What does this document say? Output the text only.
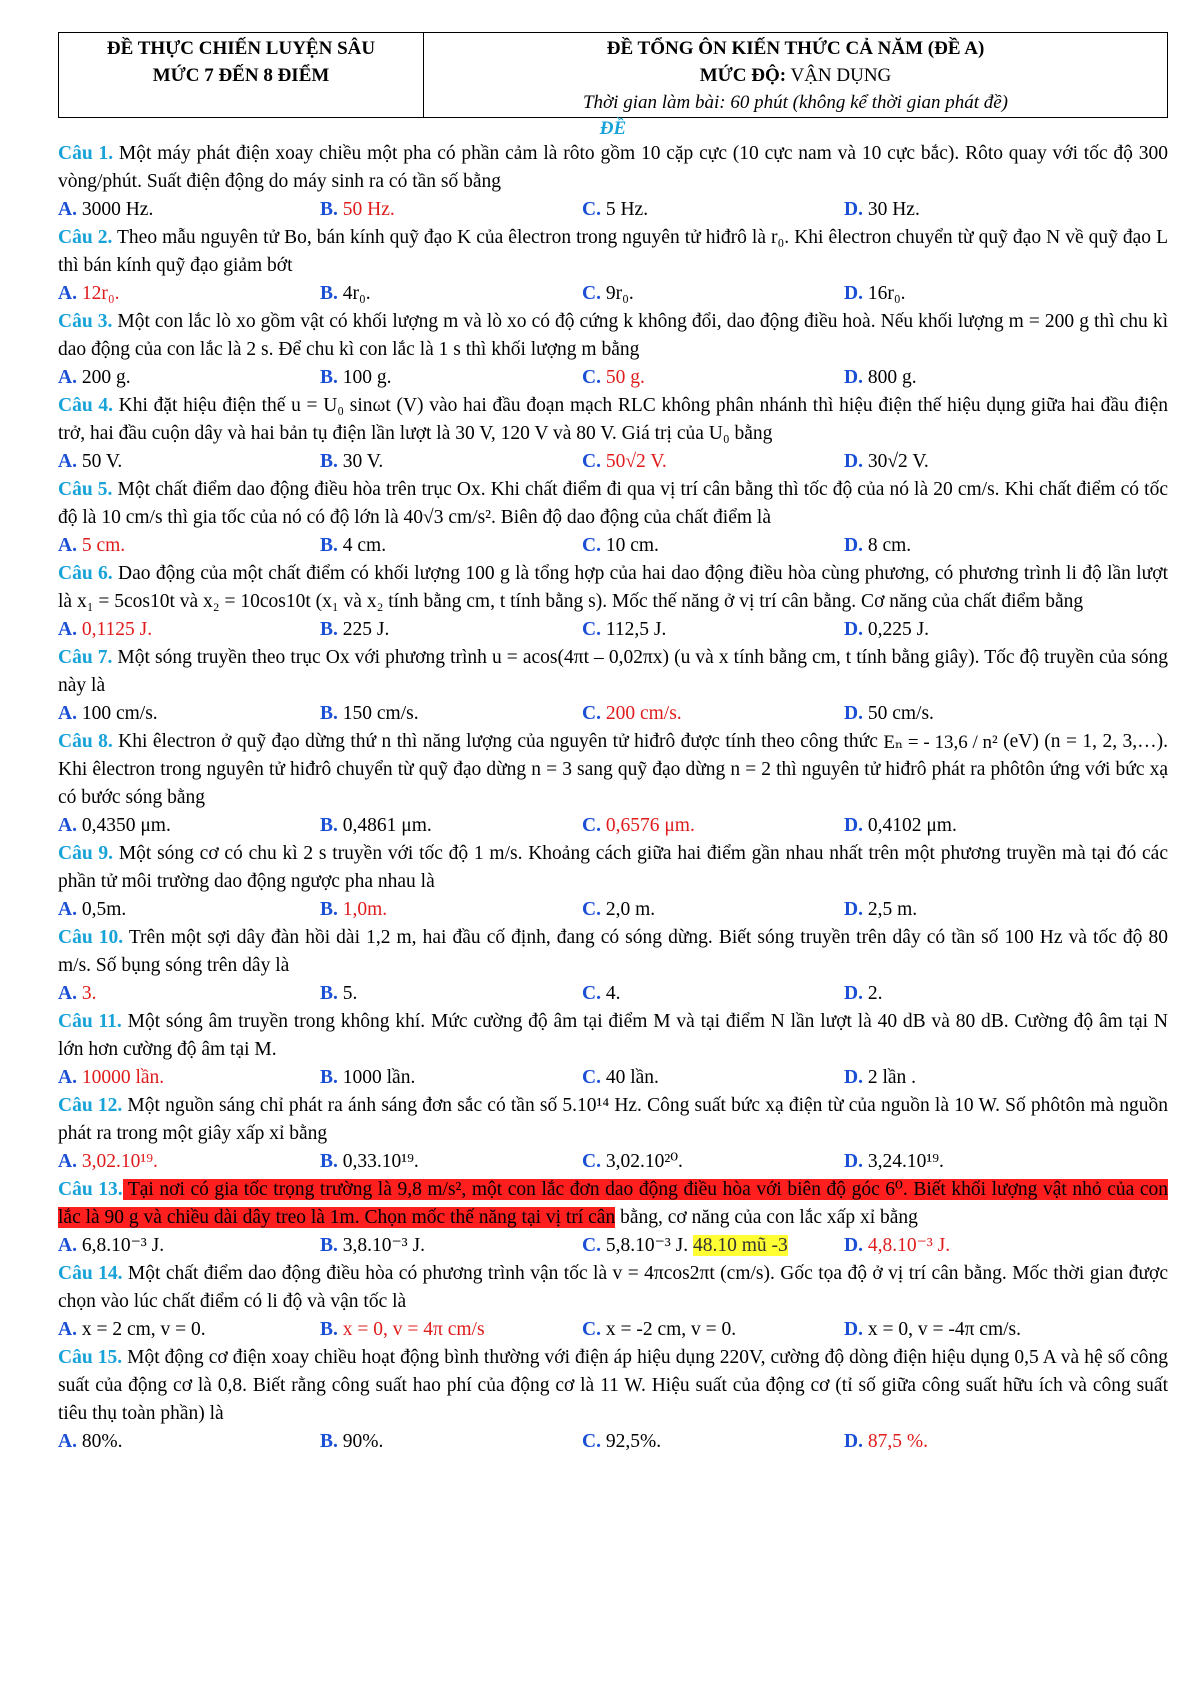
ĐỀ THỰC CHIẾN LUYỆN SÂU
MỨC 7 ĐẾN 8 ĐIỂM
ĐỀ TỔNG ÔN KIẾN THỨC CẢ NĂM (ĐỀ A)
MỨC ĐỘ: VẬN DỤNG
Thời gian làm bài: 60 phút (không kể thời gian phát đề)
ĐỀ
Câu 1. Một máy phát điện xoay chiều một pha có phần cảm là rôto gồm 10 cặp cực (10 cực nam và 10 cực bắc). Rôto quay với tốc độ 300 vòng/phút. Suất điện động do máy sinh ra có tần số bằng
A. 3000 Hz.	B. 50 Hz.	C. 5 Hz.	D. 30 Hz.
Câu 2. Theo mẫu nguyên tử Bo, bán kính quỹ đạo K của êlectron trong nguyên tử hiđrô là r₀. Khi êlectron chuyển từ quỹ đạo N về quỹ đạo L thì bán kính quỹ đạo giảm bớt
A. 12r₀.	B. 4r₀.	C. 9r₀.	D. 16r₀.
Câu 3. Một con lắc lò xo gồm vật có khối lượng m và lò xo có độ cứng k không đổi, dao động điều hoà. Nếu khối lượng m = 200 g thì chu kì dao động của con lắc là 2 s. Để chu kì con lắc là 1 s thì khối lượng m bằng
A. 200 g.	B. 100 g.	C. 50 g.	D. 800 g.
Câu 4. Khi đặt hiệu điện thế u = U₀ sinωt (V) vào hai đầu đoạn mạch RLC không phân nhánh thì hiệu điện thế hiệu dụng giữa hai đầu điện trở, hai đầu cuộn dây và hai bản tụ điện lần lượt là 30 V, 120 V và 80 V. Giá trị của U₀ bằng
A. 50 V.	B. 30 V.	C. 50√2 V.	D. 30√2 V.
Câu 5. Một chất điểm dao động điều hòa trên trục Ox. Khi chất điểm đi qua vị trí cân bằng thì tốc độ của nó là 20 cm/s. Khi chất điểm có tốc độ là 10 cm/s thì gia tốc của nó có độ lớn là 40√3 cm/s². Biên độ dao động của chất điểm là
A. 5 cm.	B. 4 cm.	C. 10 cm.	D. 8 cm.
Câu 6. Dao động của một chất điểm có khối lượng 100 g là tổng hợp của hai dao động điều hòa cùng phương, có phương trình li độ lần lượt là x₁ = 5cos10t và x₂ = 10cos10t (x₁ và x₂ tính bằng cm, t tính bằng s). Mốc thế năng ở vị trí cân bằng. Cơ năng của chất điểm bằng
A. 0,1125 J.	B. 225 J.	C. 112,5 J.	D. 0,225 J.
Câu 7. Một sóng truyền theo trục Ox với phương trình u = acos(4πt – 0,02πx) (u và x tính bằng cm, t tính bằng giây). Tốc độ truyền của sóng này là
A. 100 cm/s.	B. 150 cm/s.	C. 200 cm/s.	D. 50 cm/s.
Câu 8. Khi êlectron ở quỹ đạo dừng thứ n thì năng lượng của nguyên tử hiđrô được tính theo công thức Eₙ = - 13,6 / n² (eV) (n = 1, 2, 3,…). Khi êlectron trong nguyên tử hiđrô chuyển từ quỹ đạo dừng n = 3 sang quỹ đạo dừng n = 2 thì nguyên tử hiđrô phát ra phôtôn ứng với bức xạ có bước sóng bằng
A. 0,4350 μm.	B. 0,4861 μm.	C. 0,6576 μm.	D. 0,4102 μm.
Câu 9. Một sóng cơ có chu kì 2 s truyền với tốc độ 1 m/s. Khoảng cách giữa hai điểm gần nhau nhất trên một phương truyền mà tại đó các phần tử môi trường dao động ngược pha nhau là
A. 0,5m.	B. 1,0m.	C. 2,0 m.	D. 2,5 m.
Câu 10. Trên một sợi dây đàn hồi dài 1,2 m, hai đầu cố định, đang có sóng dừng. Biết sóng truyền trên dây có tần số 100 Hz và tốc độ 80 m/s. Số bụng sóng trên dây là
A. 3.	B. 5.	C. 4.	D. 2.
Câu 11. Một sóng âm truyền trong không khí. Mức cường độ âm tại điểm M và tại điểm N lần lượt là 40 dB và 80 dB. Cường độ âm tại N lớn hơn cường độ âm tại M.
A. 10000 lần.	B. 1000 lần.	C. 40 lần.	D. 2 lần .
Câu 12. Một nguồn sáng chỉ phát ra ánh sáng đơn sắc có tần số 5.10¹⁴ Hz. Công suất bức xạ điện từ của nguồn là 10 W. Số phôtôn mà nguồn phát ra trong một giây xấp xỉ bằng
A. 3,02.10¹⁹.	B. 0,33.10¹⁹.	C. 3,02.10²⁰.	D. 3,24.10¹⁹.
Câu 13. Tại nơi có gia tốc trọng trường là 9,8 m/s², một con lắc đơn dao động điều hòa với biên độ góc 6⁰. Biết khối lượng vật nhỏ của con lắc là 90 g và chiều dài dây treo là 1m. Chọn mốc thế năng tại vị trí cân bằng, cơ năng của con lắc xấp xỉ bằng
A. 6,8.10⁻³ J.	B. 3,8.10⁻³ J.	C. 5,8.10⁻³ J. 48.10 mũ -3	D. 4,8.10⁻³ J.
Câu 14. Một chất điểm dao động điều hòa có phương trình vận tốc là v = 4πcos2πt (cm/s). Gốc tọa độ ở vị trí cân bằng. Mốc thời gian được chọn vào lúc chất điểm có li độ và vận tốc là
A. x = 2 cm, v = 0.	B. x = 0, v = 4π cm/s	C. x = -2 cm, v = 0.	D. x = 0, v = -4π cm/s.
Câu 15. Một động cơ điện xoay chiều hoạt động bình thường với điện áp hiệu dụng 220V, cường độ dòng điện hiệu dụng 0,5 A và hệ số công suất của động cơ là 0,8. Biết rằng công suất hao phí của động cơ là 11 W. Hiệu suất của động cơ (tỉ số giữa công suất hữu ích và công suất tiêu thụ toàn phần) là
A. 80%.	B. 90%.	C. 92,5%.	D. 87,5 %.
